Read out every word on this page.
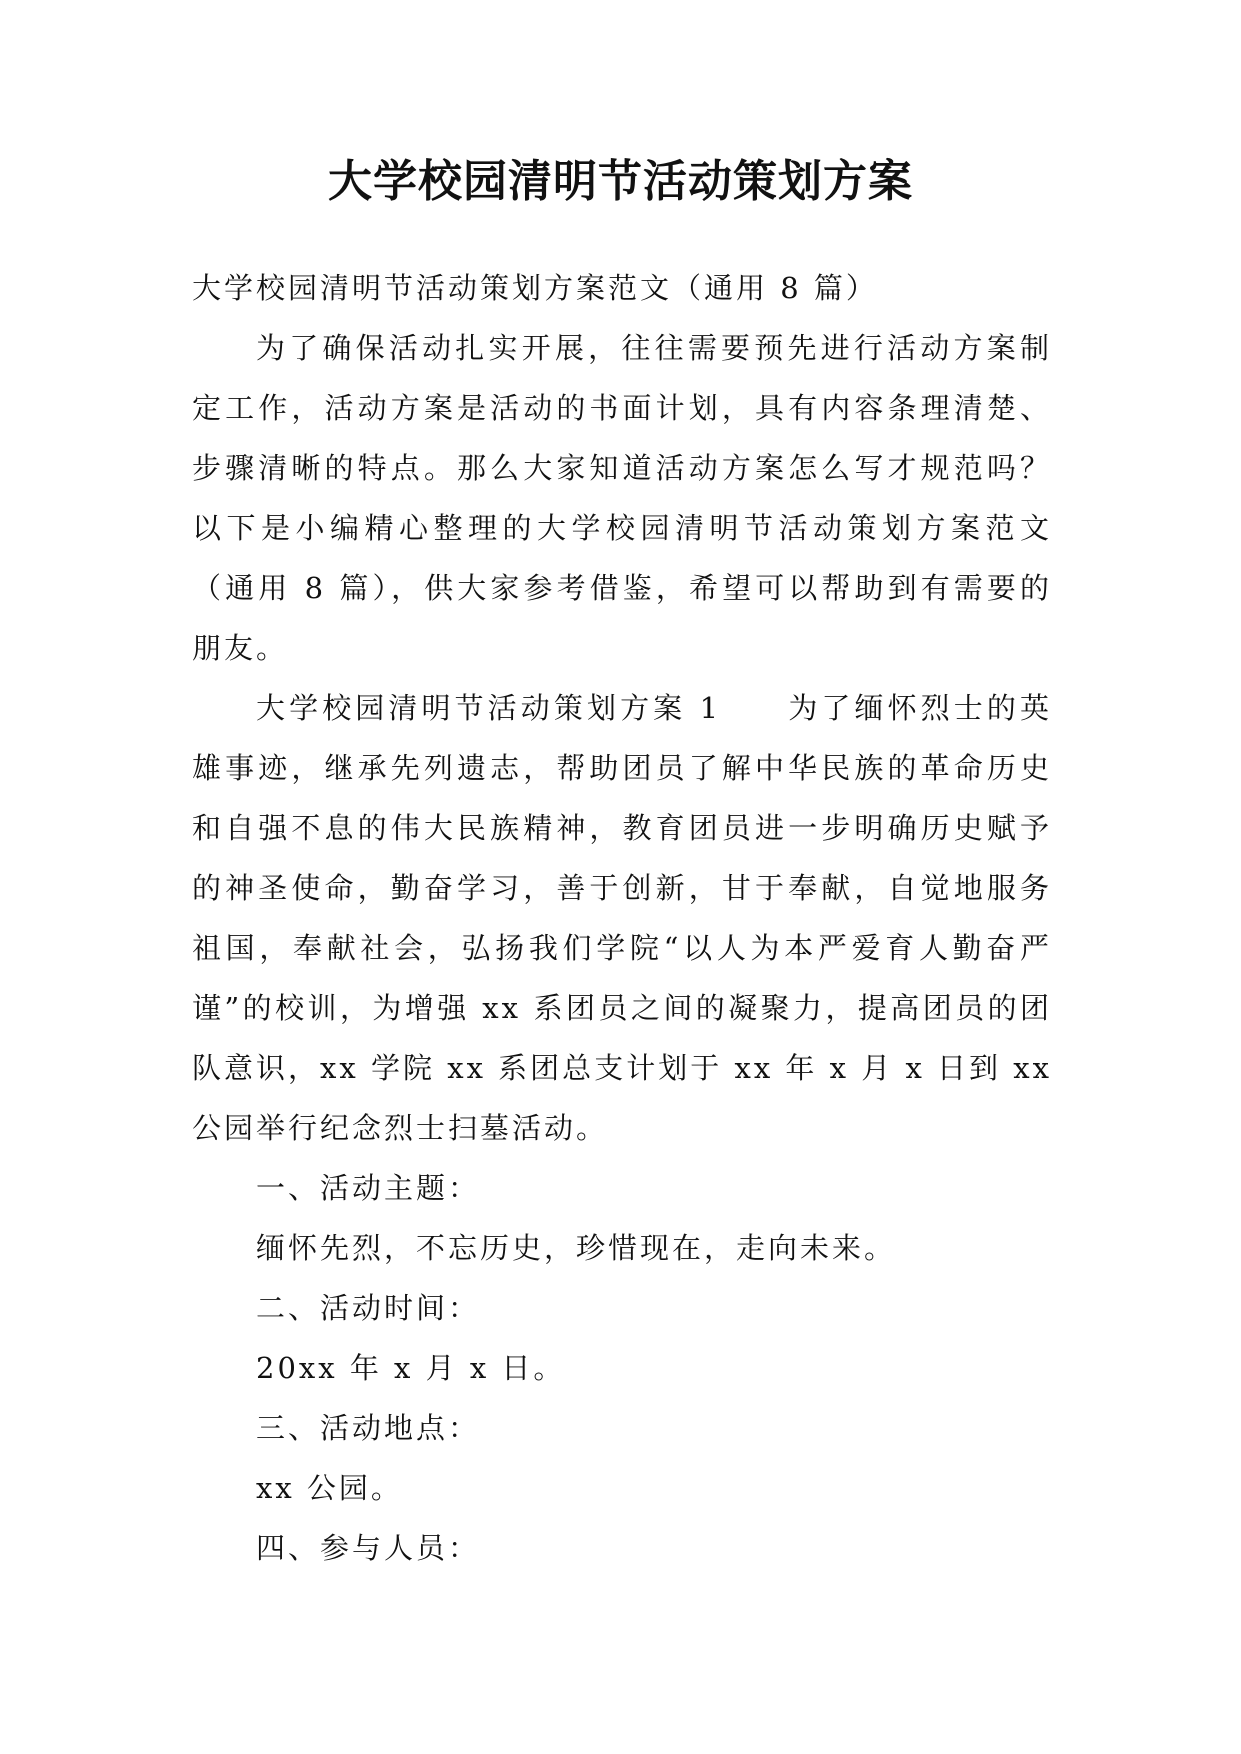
大学校园清明节活动策划方案

大学校园清明节活动策划方案范文（通用 8 篇）

为了确保活动扎实开展，往往需要预先进行活动方案制定工作，活动方案是活动的书面计划，具有内容条理清楚、步骤清晰的特点。那么大家知道活动方案怎么写才规范吗？以下是小编精心整理的大学校园清明节活动策划方案范文（通用 8 篇），供大家参考借鉴，希望可以帮助到有需要的朋友。

大学校园清明节活动策划方案 1　　为了缅怀烈士的英雄事迹，继承先列遗志，帮助团员了解中华民族的革命历史和自强不息的伟大民族精神，教育团员进一步明确历史赋予的神圣使命，勤奋学习，善于创新，甘于奉献，自觉地服务祖国，奉献社会，弘扬我们学院“以人为本严爱育人勤奋严谨”的校训，为增强 xx 系团员之间的凝聚力，提高团员的团队意识，xx 学院 xx 系团总支计划于 xx 年 x 月 x 日到 xx 公园举行纪念烈士扫墓活动。

一、活动主题：

缅怀先烈，不忘历史，珍惜现在，走向未来。

二、活动时间：

20xx 年 x 月 x 日。

三、活动地点：

xx 公园。

四、参与人员：
